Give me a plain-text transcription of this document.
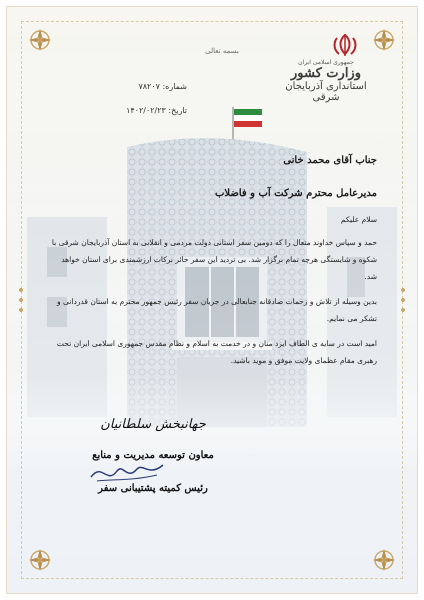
بسمه تعالی
جمهوری اسلامی ایران
وزارت کشور
استانداری آذربایجان شرقی
شماره: ۷۸۲۰۷
تاریخ: ۱۴۰۲/۰۲/۲۳
جناب آقای محمد خانی
مدیرعامل محترم شرکت آب و فاضلاب
سلام علیکم
حمد و سپاس خداوند متعال را که دومین سفر استانی دولت مردمی و انقلابی به استان آذربایجان شرقی با شکوه و شایستگی هرچه تمام برگزار شد. بی تردید این سفر حائز برکات ارزشمندی برای استان خواهد شد.
بدین وسیله از تلاش و زحمات صادقانه جنابعالی در جریان سفر رئیس جمهور محترم به استان قدردانی و تشکر می نمایم.
امید است در سایه ی الطاف ایزد منان و در خدمت به اسلام و نظام مقدس جمهوری اسلامی ایران تحت رهبری مقام عظمای ولایت موفق و موید باشید.
جهانبخش سلطانیان
معاون توسعه مدیریت و منابع
رئیس کمیته پشتیبانی سفر
